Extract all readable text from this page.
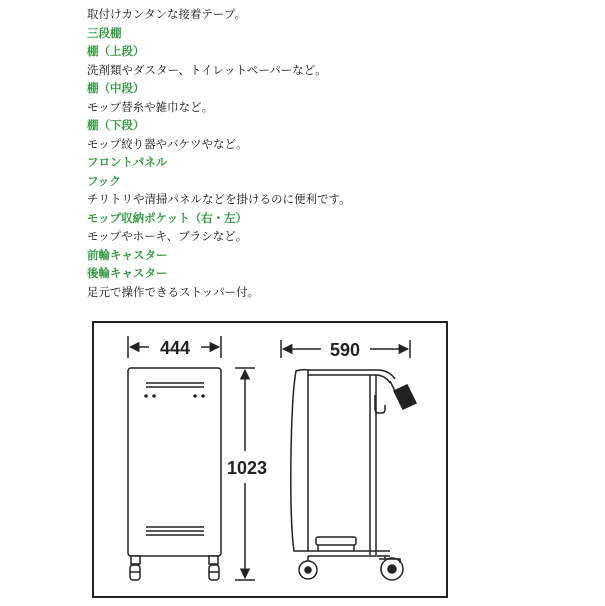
取付けカンタンな接着テープ。
三段棚
棚（上段）
洗剤類やダスター、トイレットペーパーなど。
棚（中段）
モップ替糸や雑巾など。
棚（下段）
モップ絞り器やバケツやなど。
フロントパネル
フック
チリトリや清掃パネルなどを掛けるのに便利です。
モップ収納ポケット（右・左）
モップやホーキ、ブラシなど。
前輪キャスター
後輪キャスター
足元で操作できるストッパー付。
444
1023
590
